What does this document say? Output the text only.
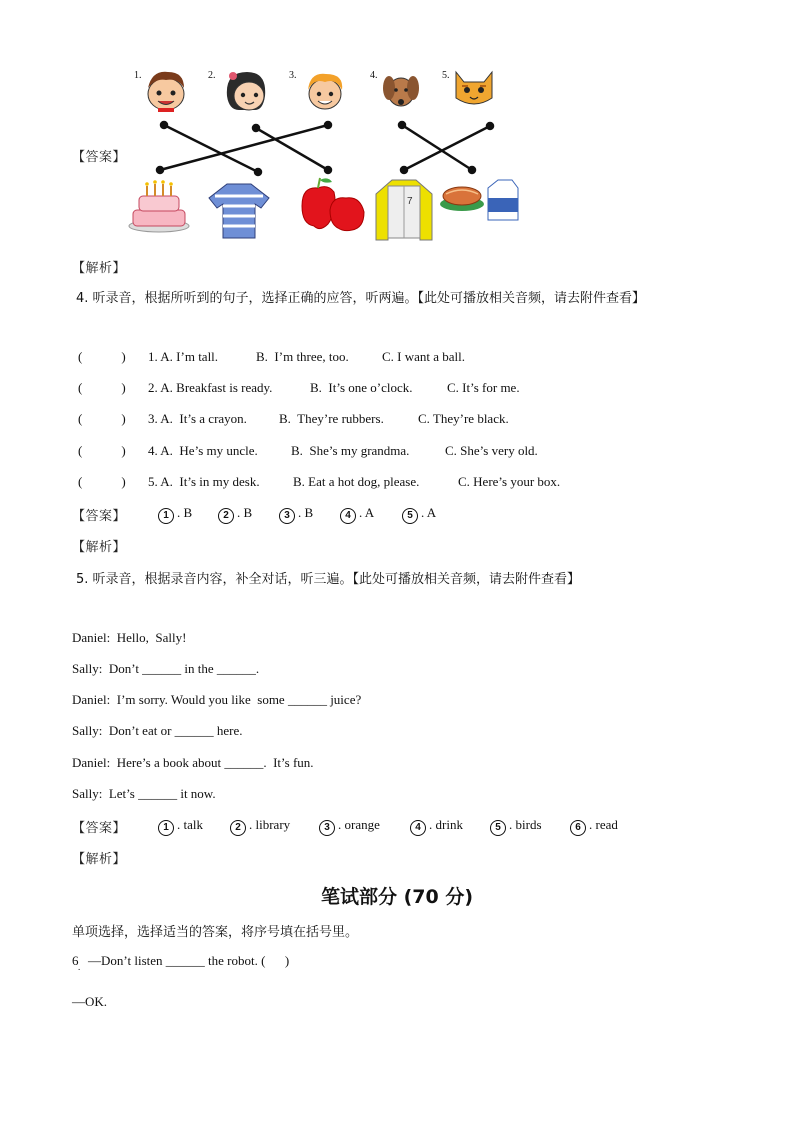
1.	2.	3.	4.	5.
7
【答案】
【解析】
4. 听录音，根据所听到的句子，选择正确的应答，听两遍。【此处可播放相关音频，请去附件查看】

(            )

1. A. I’m tall.

	B.  I’m three, too.

	C. I want a ball.

(            )

2. A. Breakfast is ready.

	B.  It’s one o’clock.

	C. It’s for me.

(            )

3. A.  It’s a crayon.

B.  They’re rubbers.

	C. They’re black.

(            )

4. A.  He’s my uncle.

	B.  She’s my grandma.

	C. She’s very old.

(            )

5. A.  It’s in my desk.

	B. Eat a hot dog, please.

	C. Here’s your box.

【答案】	1 . B	2 . B	3 . B	4 . A	5 . A
【解析】
5. 听录音，根据录音内容，补全对话，听三遍。【此处可播放相关音频，请去附件查看】
Daniel:  Hello,  Sally!
Sally:  Don’t ______ in the ______.
Daniel:  I’m sorry. Would you like  some ______ juice?
Sally:  Don’t eat or ______ here.
Daniel:  Here’s a book about ______.  It’s fun.
Sally:  Let’s ______ it now.
【答案】	1 . talk	2 . library	3 . orange	4 . drink	5 . birds	6 . read
【解析】
笔试部分 (70 分)
单项选择，选择适当的答案，将序号填在括号里。
6 . —Don’t listen ______ the robot. (      )
—OK.
